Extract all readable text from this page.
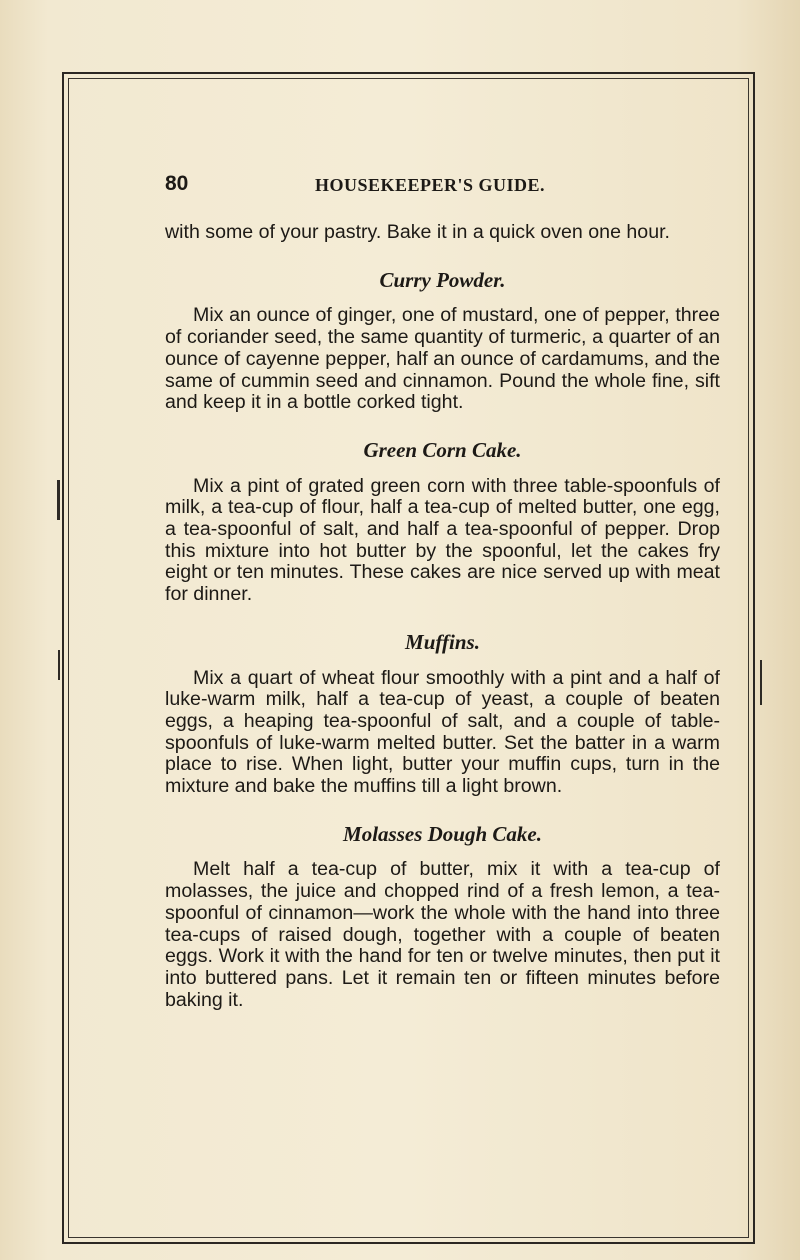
80	HOUSEKEEPER'S GUIDE.

with some of your pastry. Bake it in a quick oven one hour.

Curry Powder.

Mix an ounce of ginger, one of mustard, one of pepper, three of coriander seed, the same quantity of turmeric, a quarter of an ounce of cayenne pepper, half an ounce of cardamums, and the same of cummin seed and cinnamon. Pound the whole fine, sift and keep it in a bottle corked tight.

Green Corn Cake.

Mix a pint of grated green corn with three table-spoonfuls of milk, a tea-cup of flour, half a tea-cup of melted butter, one egg, a tea-spoonful of salt, and half a tea-spoonful of pepper. Drop this mixture into hot butter by the spoonful, let the cakes fry eight or ten minutes. These cakes are nice served up with meat for dinner.

Muffins.

Mix a quart of wheat flour smoothly with a pint and a half of luke-warm milk, half a tea-cup of yeast, a couple of beaten eggs, a heaping tea-spoonful of salt, and a couple of table-spoonfuls of luke-warm melted butter. Set the batter in a warm place to rise. When light, butter your muffin cups, turn in the mixture and bake the muffins till a light brown.

Molasses Dough Cake.

Melt half a tea-cup of butter, mix it with a tea-cup of molasses, the juice and chopped rind of a fresh lemon, a tea-spoonful of cinnamon—work the whole with the hand into three tea-cups of raised dough, together with a couple of beaten eggs. Work it with the hand for ten or twelve minutes, then put it into buttered pans. Let it remain ten or fifteen minutes before baking it.
